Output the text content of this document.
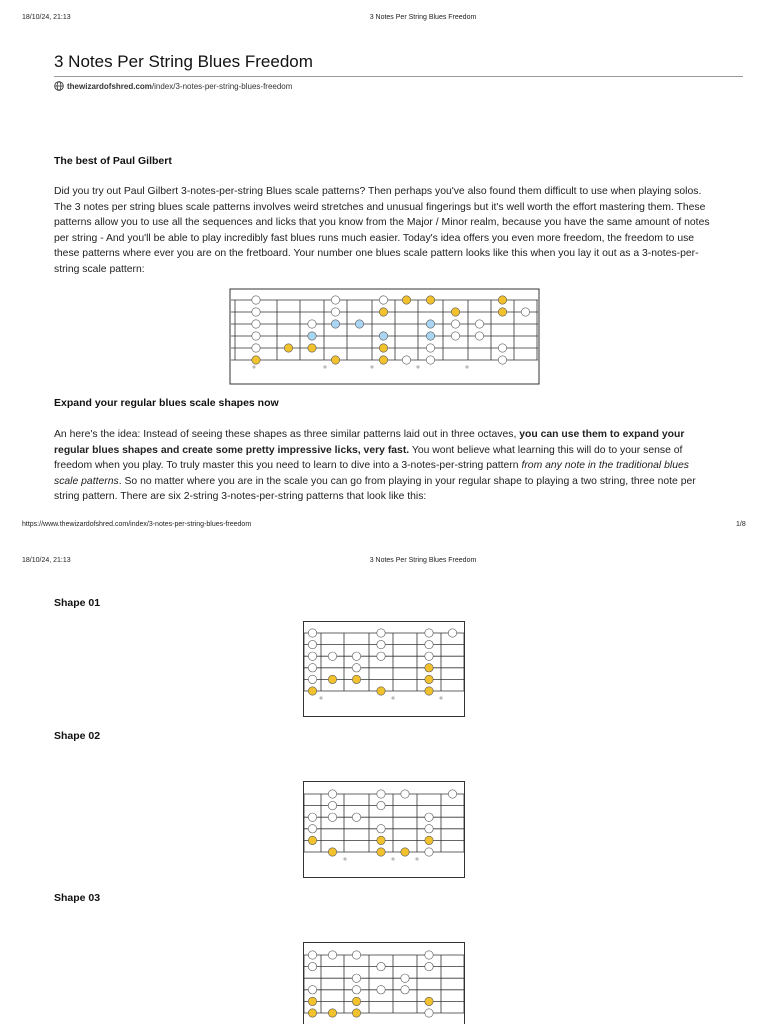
18/10/24, 21:13	3 Notes Per String Blues Freedom
3 Notes Per String Blues Freedom
thewizardofshred.com/index/3-notes-per-string-blues-freedom
The best of Paul Gilbert
Did you try out Paul Gilbert 3-notes-per-string Blues scale patterns? Then perhaps you've also found them difficult to use when playing solos. The 3 notes per string blues scale patterns involves weird stretches and unusual fingerings but it's well worth the effort mastering them. These patterns allow you to use all the sequences and licks that you know from the Major / Minor realm, because you have the same amount of notes per string - And you'll be able to play incredibly fast blues runs much easier. Today's idea offers you even more freedom, the freedom to use these patterns where ever you are on the fretboard. Your number one blues scale pattern looks like this when you lay it out as a 3-notes-per-string scale pattern:
Expand your regular blues scale shapes now
An here's the idea: Instead of seeing these shapes as three similar patterns laid out in three octaves, you can use them to expand your regular blues shapes and create some pretty impressive licks, very fast. You wont believe what learning this will do to your sense of freedom when you play. To truly master this you need to learn to dive into a 3-notes-per-string pattern from any note in the traditional blues scale patterns. So no matter where you are in the scale you can go from playing in your regular shape to playing a two string, three note per string pattern. There are six 2-string 3-notes-per-string patterns that look like this:
https://www.thewizardofshred.com/index/3-notes-per-string-blues-freedom	1/8
18/10/24, 21:13	3 Notes Per String Blues Freedom
Shape 01
Shape 02
Shape 03
